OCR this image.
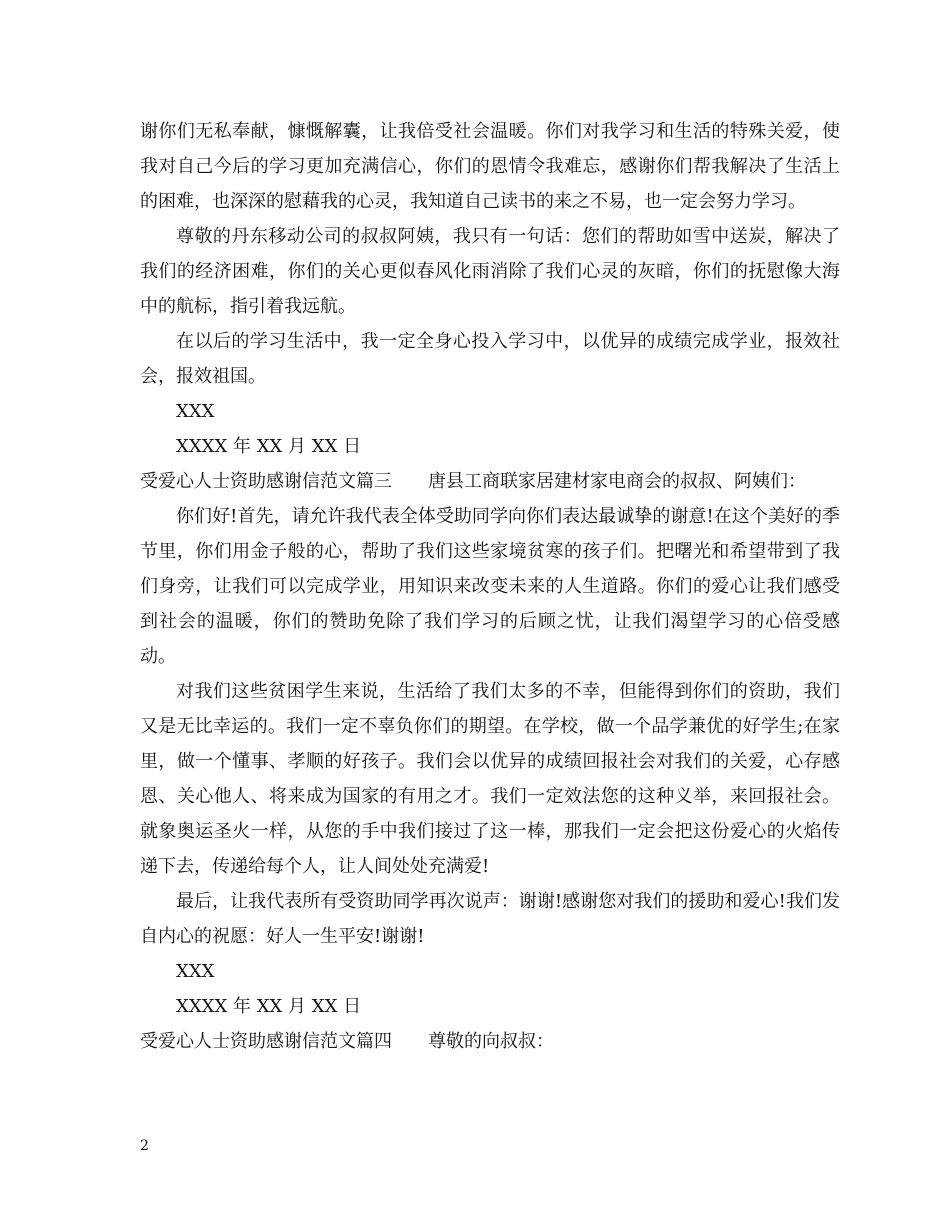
谢你们无私奉献，慷慨解囊，让我倍受社会温暖。你们对我学习和生活的特殊关爱，使我对自己今后的学习更加充满信心，你们的恩情令我难忘，感谢你们帮我解决了生活上的困难，也深深的慰藉我的心灵，我知道自己读书的来之不易，也一定会努力学习。

尊敬的丹东移动公司的叔叔阿姨，我只有一句话：您们的帮助如雪中送炭，解决了我们的经济困难，你们的关心更似春风化雨消除了我们心灵的灰暗，你们的抚慰像大海中的航标，指引着我远航。

在以后的学习生活中，我一定全身心投入学习中，以优异的成绩完成学业，报效社会，报效祖国。

XXX

XXXX 年 XX 月 XX 日

受爱心人士资助感谢信范文篇三 唐县工商联家居建材家电商会的叔叔、阿姨们：

你们好!首先，请允许我代表全体受助同学向你们表达最诚挚的谢意!在这个美好的季节里，你们用金子般的心，帮助了我们这些家境贫寒的孩子们。把曙光和希望带到了我们身旁，让我们可以完成学业，用知识来改变未来的人生道路。你们的爱心让我们感受到社会的温暖，你们的赞助免除了我们学习的后顾之忧，让我们渴望学习的心倍受感动。

对我们这些贫困学生来说，生活给了我们太多的不幸，但能得到你们的资助，我们又是无比幸运的。我们一定不辜负你们的期望。在学校，做一个品学兼优的好学生;在家里，做一个懂事、孝顺的好孩子。我们会以优异的成绩回报社会对我们的关爱，心存感恩、关心他人、将来成为国家的有用之才。我们一定效法您的这种义举，来回报社会。就象奥运圣火一样，从您的手中我们接过了这一棒，那我们一定会把这份爱心的火焰传递下去，传递给每个人，让人间处处充满爱!

最后，让我代表所有受资助同学再次说声：谢谢!感谢您对我们的援助和爱心!我们发自内心的祝愿：好人一生平安!谢谢!

XXX

XXXX 年 XX 月 XX 日

受爱心人士资助感谢信范文篇四 尊敬的向叔叔：

2
